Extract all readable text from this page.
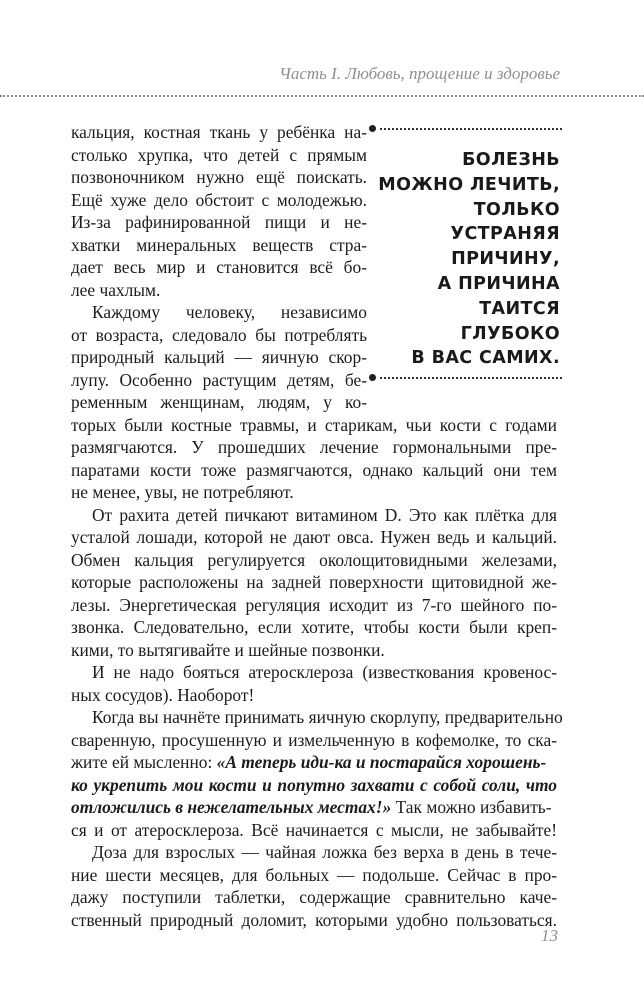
Часть I. Любовь, прощение и здоровье
БОЛЕЗНЬ
МОЖНО ЛЕЧИТЬ,
ТОЛЬКО
УСТРАНЯЯ
ПРИЧИНУ,
А ПРИЧИНА
ТАИТСЯ
ГЛУБОКО
В ВАС САМИХ.
кальция, костная ткань у ребёнка на-
столько хрупка, что детей с прямым
позвоночником нужно ещё поискать.
Ещё хуже дело обстоит с молодежью.
Из-за рафинированной пищи и не-
хватки минеральных веществ стра-
дает весь мир и становится всё бо-
лее чахлым.
Каждому человеку, независимо
от возраста, следовало бы потреблять
природный кальций — яичную скор-
лупу. Особенно растущим детям, бе-
ременным женщинам, людям, у ко-
торых были костные травмы, и старикам, чьи кости с годами
размягчаются. У прошедших лечение гормональными пре-
паратами кости тоже размягчаются, однако кальций они тем
не менее, увы, не потребляют.
От рахита детей пичкают витамином D. Это как плётка для
усталой лошади, которой не дают овса. Нужен ведь и кальций.
Обмен кальция регулируется околощитовидными железами,
которые расположены на задней поверхности щитовидной же-
лезы. Энергетическая регуляция исходит из 7-го шейного по-
звонка. Следовательно, если хотите, чтобы кости были креп-
кими, то вытягивайте и шейные позвонки.
И не надо бояться атеросклероза (известкования кровенос-
ных сосудов). Наоборот!
Когда вы начнёте принимать яичную скорлупу, предварительно
сваренную, просушенную и измельченную в кофемолке, то ска-
жите ей мысленно: «А теперь иди-ка и постарайся хорошень-
ко укрепить мои кости и попутно захвати с собой соли, что
отложились в нежелательных местах!» Так можно избавить-
ся и от атеросклероза. Всё начинается с мысли, не забывайте!
Доза для взрослых — чайная ложка без верха в день в тече-
ние шести месяцев, для больных — подольше. Сейчас в про-
дажу поступили таблетки, содержащие сравнительно каче-
ственный природный доломит, которыми удобно пользоваться.
13
